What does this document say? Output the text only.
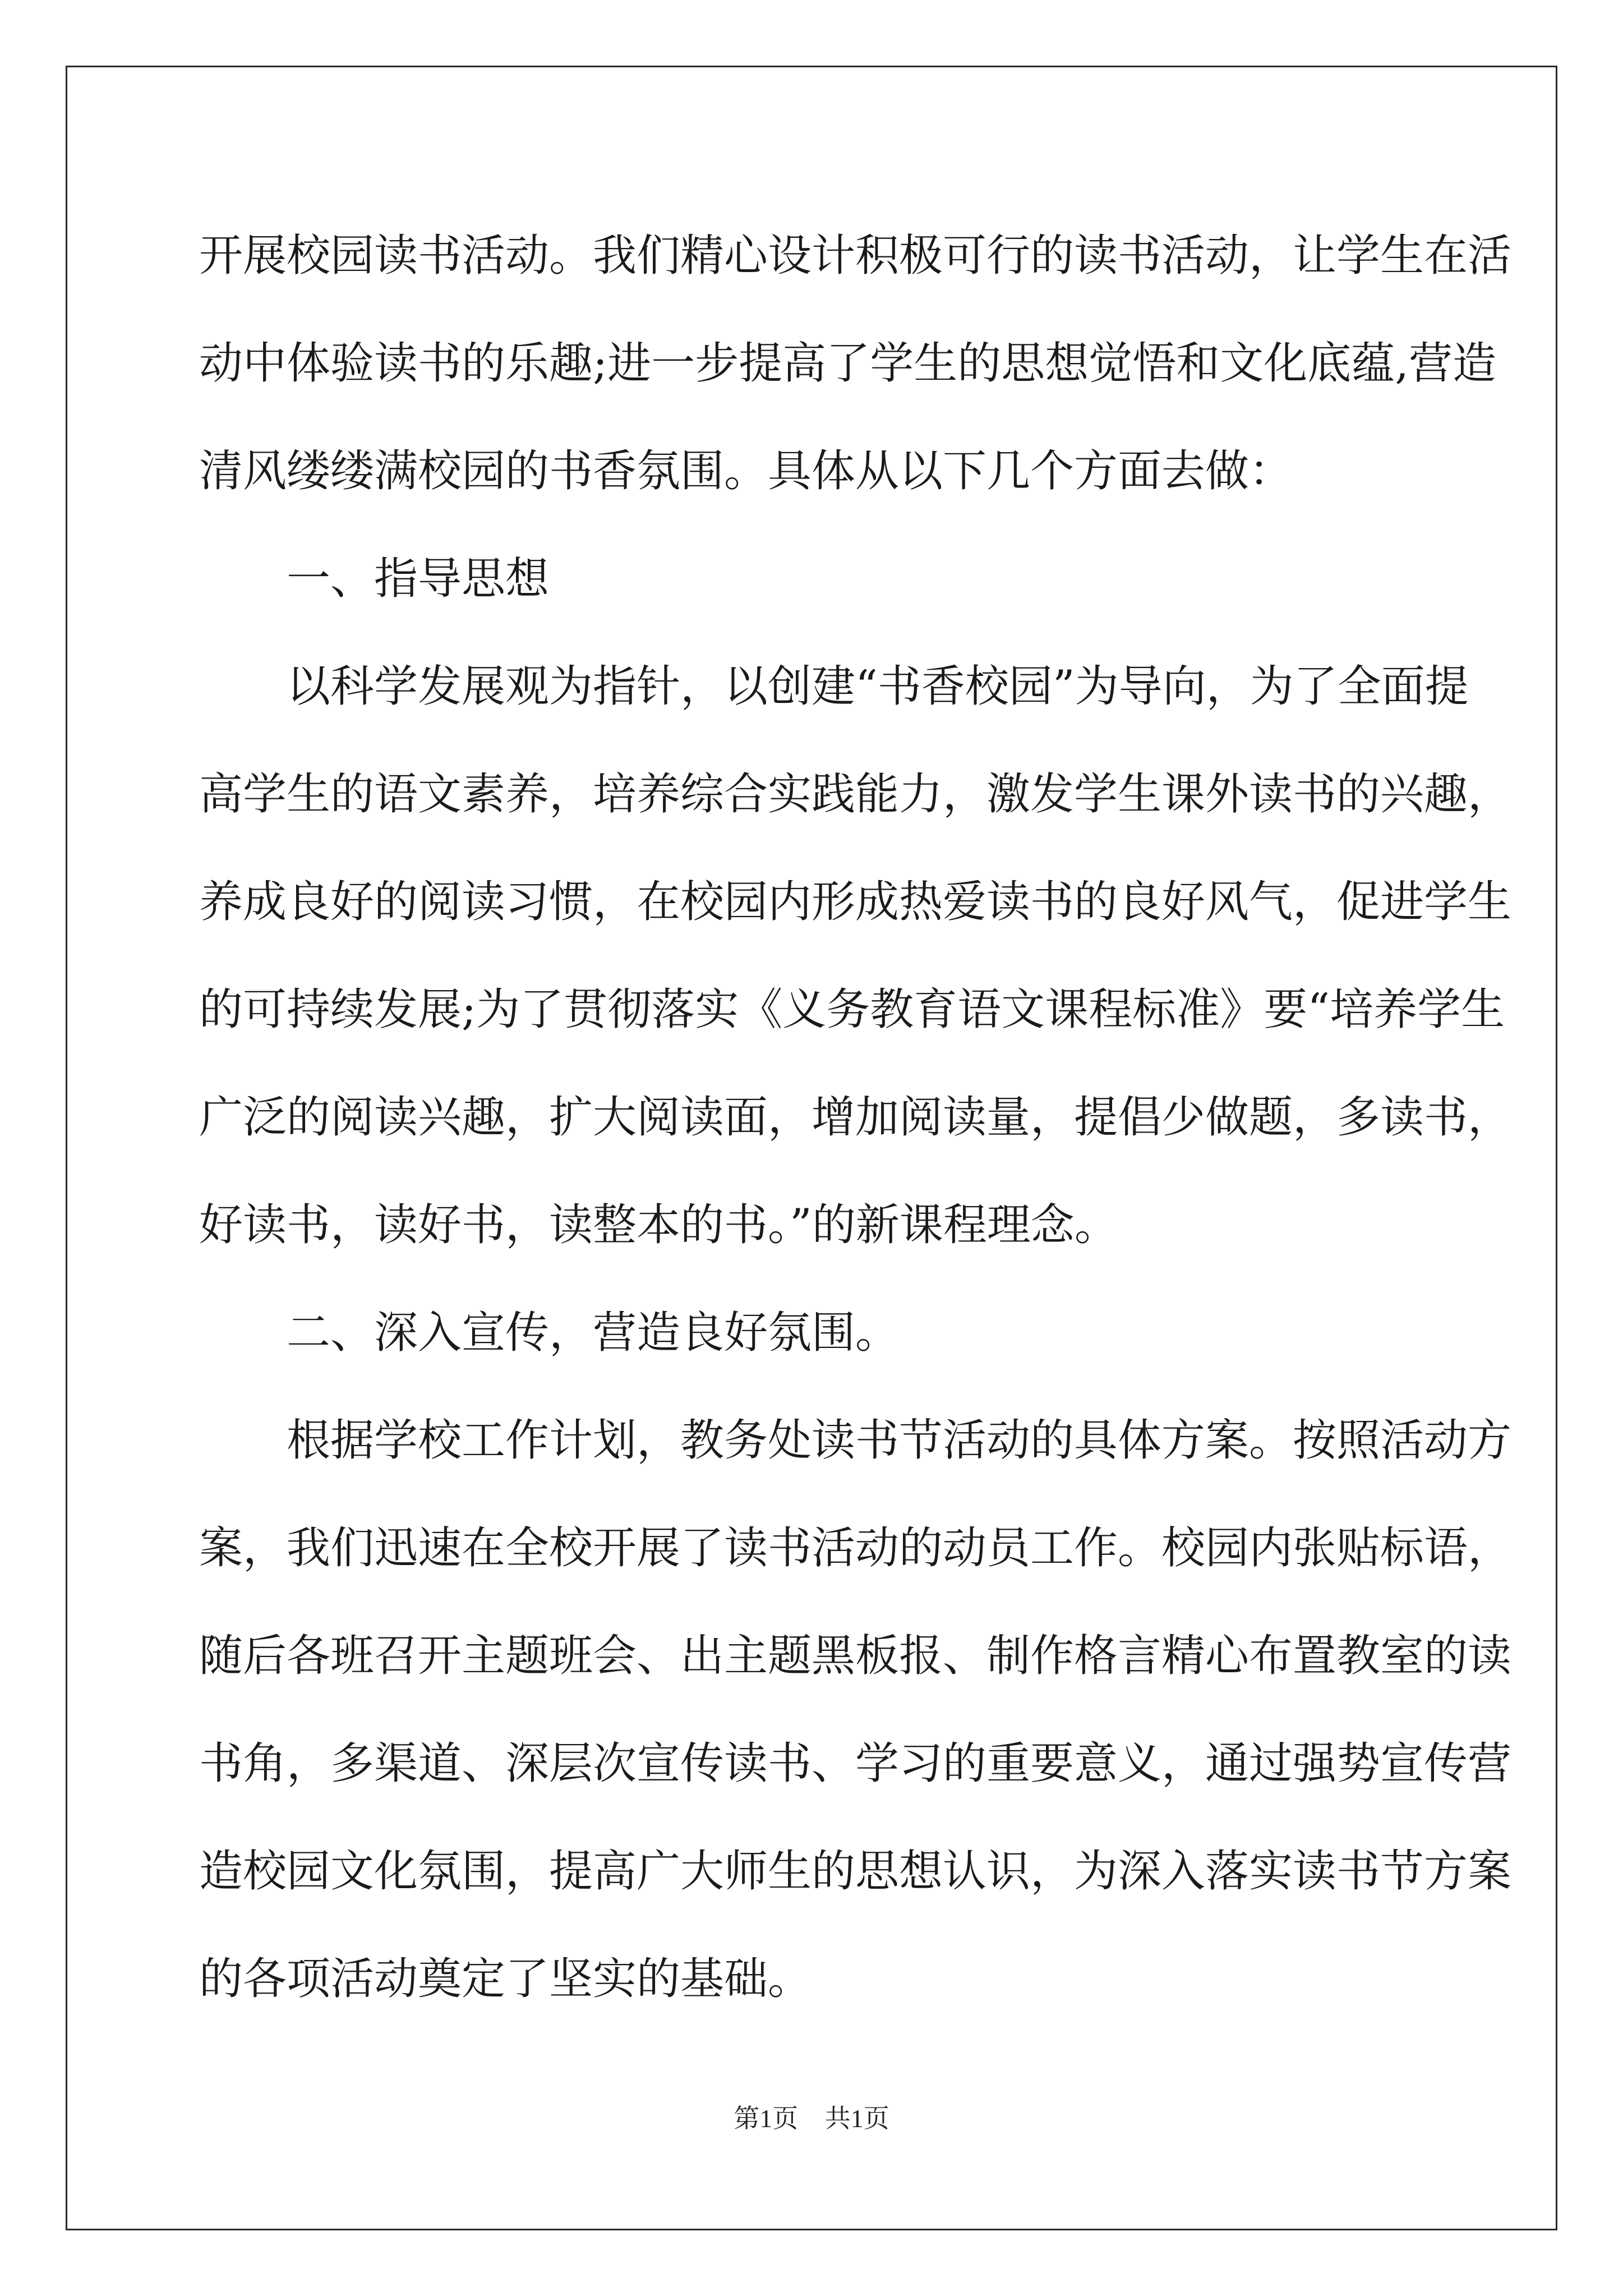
开展校园读书活动。我们精心设计积极可行的读书活动，让学生在活
动中体验读书的乐趣;进一步提高了学生的思想觉悟和文化底蕴,营造
清风缕缕满校园的书香氛围。具体从以下几个方面去做：
一、指导思想
以科学发展观为指针，以创建“书香校园”为导向，为了全面提
高学生的语文素养，培养综合实践能力，激发学生课外读书的兴趣，
养成良好的阅读习惯，在校园内形成热爱读书的良好风气，促进学生
的可持续发展;为了贯彻落实《义务教育语文课程标准》要“培养学生
广泛的阅读兴趣，扩大阅读面，增加阅读量，提倡少做题，多读书，
好读书，读好书，读整本的书。”的新课程理念。
二、深入宣传，营造良好氛围。
根据学校工作计划，教务处读书节活动的具体方案。按照活动方
案，我们迅速在全校开展了读书活动的动员工作。校园内张贴标语，
随后各班召开主题班会、出主题黑板报、制作格言精心布置教室的读
书角，多渠道、深层次宣传读书、学习的重要意义，通过强势宣传营
造校园文化氛围，提高广大师生的思想认识，为深入落实读书节方案
的各项活动奠定了坚实的基础。
第1页 共1页
